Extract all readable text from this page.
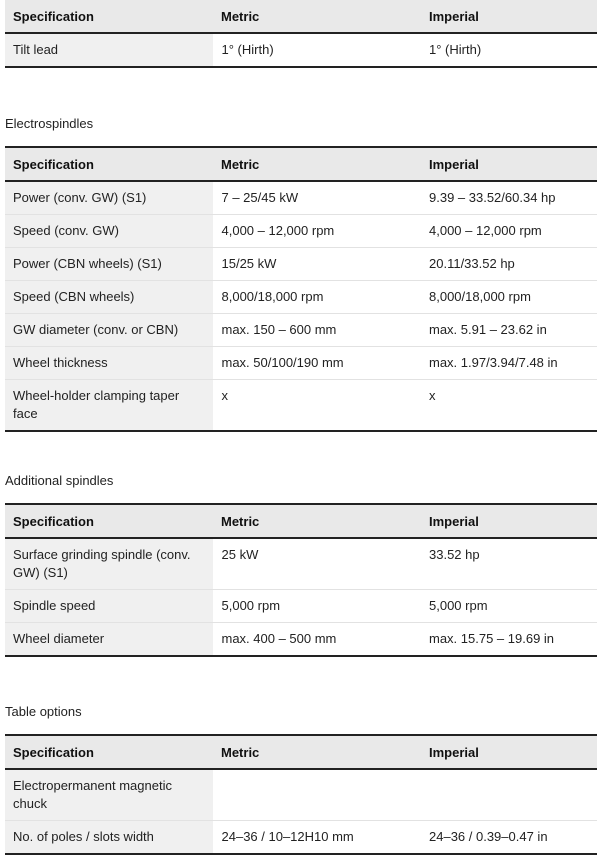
Specification	Metric	Imperial
Tilt lead	1° (Hirth)	1° (Hirth)
Electrospindles
Specification	Metric	Imperial
Power (conv. GW) (S1)	7 – 25/45 kW	9.39 – 33.52/60.34 hp
Speed (conv. GW)	4,000 – 12,000 rpm	4,000 – 12,000 rpm
Power (CBN wheels) (S1)	15/25 kW	20.11/33.52 hp
Speed (CBN wheels)	8,000/18,000 rpm	8,000/18,000 rpm
GW diameter (conv. or CBN)	max. 150 – 600 mm	max. 5.91 – 23.62 in
Wheel thickness	max. 50/100/190 mm	max. 1.97/3.94/7.48 in
Wheel-holder clamping taper face	x	x
Additional spindles
Specification	Metric	Imperial
Surface grinding spindle (conv. GW) (S1)	25 kW	33.52 hp
Spindle speed	5,000 rpm	5,000 rpm
Wheel diameter	max. 400 – 500 mm	max. 15.75 – 19.69 in
Table options
Specification	Metric	Imperial
Electropermanent magnetic chuck		
No. of poles / slots width	24–36 / 10–12H10 mm	24–36 / 0.39–0.47 in
